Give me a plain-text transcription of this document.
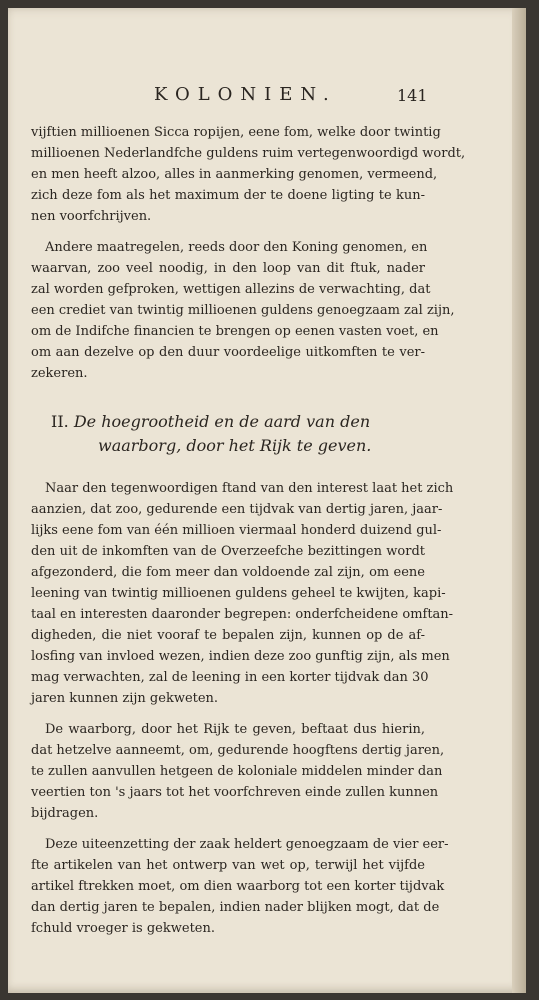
KOLONIEN.	141

vijftien millioenen Sicca ropijen, eene fom, welke door twintig
millioenen Nederlandfche guldens ruim vertegenwoordigd wordt,
en men heeft alzoo, alles in aanmerking genomen, vermeend,
zich deze fom als het maximum der te doene ligting te kun-
nen voorfchrijven.

Andere maatregelen, reeds door den Koning genomen, en
waarvan, zoo veel noodig, in den loop van dit ftuk, nader
zal worden gefproken, wettigen allezins de verwachting, dat
een crediet van twintig millioenen guldens genoegzaam zal zijn,
om de Indifche financien te brengen op eenen vasten voet, en
om aan dezelve op den duur voordeelige uitkomften te ver-
zekeren.

II. De hoegrootheid en de aard van den
waarborg, door het Rijk te geven.

Naar den tegenwoordigen ftand van den interest laat het zich
aanzien, dat zoo, gedurende een tijdvak van dertig jaren, jaar-
lijks eene fom van één millioen viermaal honderd duizend gul-
den uit de inkomften van de Overzeefche bezittingen wordt
afgezonderd, die fom meer dan voldoende zal zijn, om eene
leening van twintig millioenen guldens geheel te kwijten, kapi-
taal en interesten daaronder begrepen: onderfcheidene omftan-
digheden, die niet vooraf te bepalen zijn, kunnen op de af-
losfing van invloed wezen, indien deze zoo gunftig zijn, als men
mag verwachten, zal de leening in een korter tijdvak dan 30
jaren kunnen zijn gekweten.

De waarborg, door het Rijk te geven, beftaat dus hierin,
dat hetzelve aanneemt, om, gedurende hoogftens dertig jaren,
te zullen aanvullen hetgeen de koloniale middelen minder dan
veertien ton 's jaars tot het voorfchreven einde zullen kunnen
bijdragen.

Deze uiteenzetting der zaak heldert genoegzaam de vier eer-
fte artikelen van het ontwerp van wet op, terwijl het vijfde
artikel ftrekken moet, om dien waarborg tot een korter tijdvak
dan dertig jaren te bepalen, indien nader blijken mogt, dat de
fchuld vroeger is gekweten.
